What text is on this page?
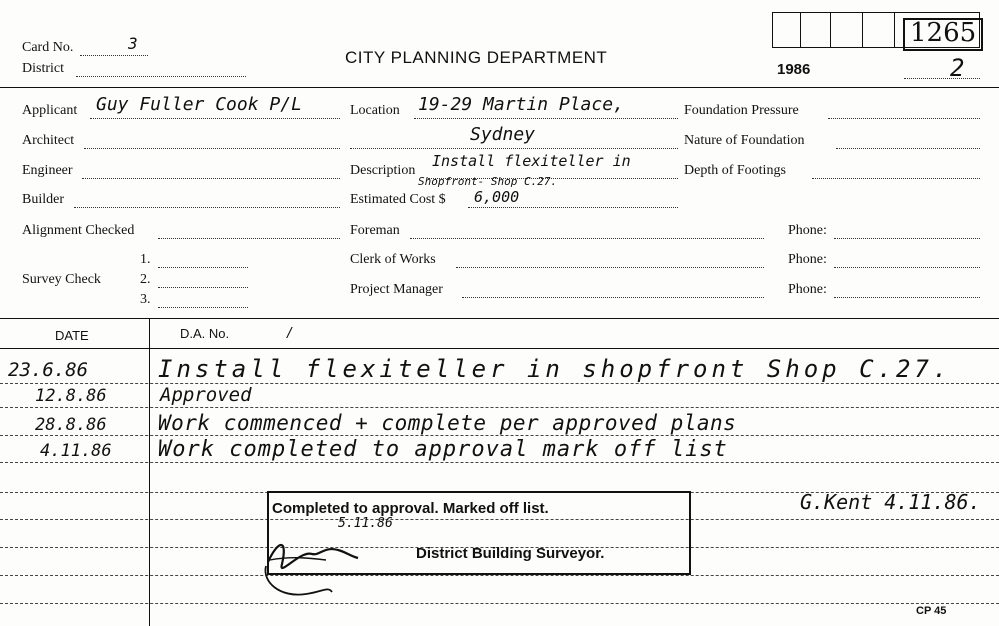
Card No.	3
District
CITY PLANNING DEPARTMENT
1986
1265
2
Applicant Guy Fuller Cook P/L
Architect
Engineer
Builder
Alignment Checked
Survey Check
1.
2.
3.
Location 19-29 Martin Place,
Sydney
Description
Install flexiteller in
Shopfront- Shop C.27.
Estimated Cost $ 6,000
Foreman
Clerk of Works
Project Manager
Foundation Pressure
Nature of Foundation
Depth of Footings
Phone:
Phone:
Phone:
DATE	D.A. No.	/
23.6.86	Install flexiteller in shopfront Shop C.27.
12.8.86	Approved
28.8.86 Work commenced + complete per approved plans
4.11.86 Work completed to approval mark off list
Completed to approval. Marked off list.
District Building Surveyor.
5.11.86
G.Kent 4.11.86.
CP 45
